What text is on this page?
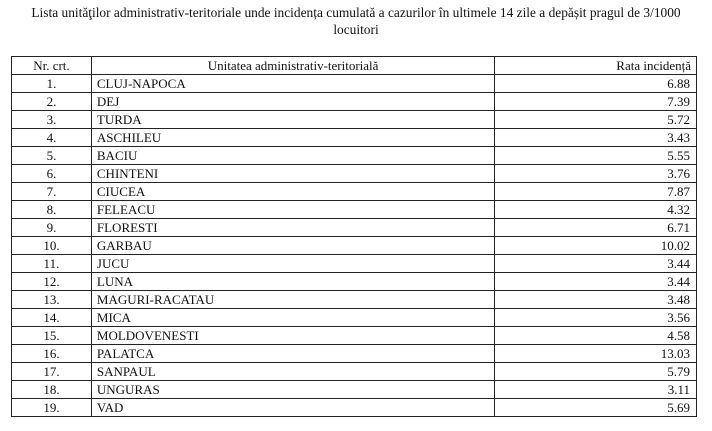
Lista unităţilor administrativ-teritoriale unde incidența cumulată a cazurilor în ultimele 14 zile a depășit pragul de 3/1000
locuitori
Nr. crt.	Unitatea administrativ-teritorială	Rata incidență
1.	CLUJ-NAPOCA	6.88
2.	DEJ	7.39
3.	TURDA	5.72
4.	ASCHILEU	3.43
5.	BACIU	5.55
6.	CHINTENI	3.76
7.	CIUCEA	7.87
8.	FELEACU	4.32
9.	FLORESTI	6.71
10.	GARBAU	10.02
11.	JUCU	3.44
12.	LUNA	3.44
13.	MAGURI-RACATAU	3.48
14.	MICA	3.56
15.	MOLDOVENESTI	4.58
16.	PALATCA	13.03
17.	SANPAUL	5.79
18.	UNGURAS	3.11
19.	VAD	5.69
